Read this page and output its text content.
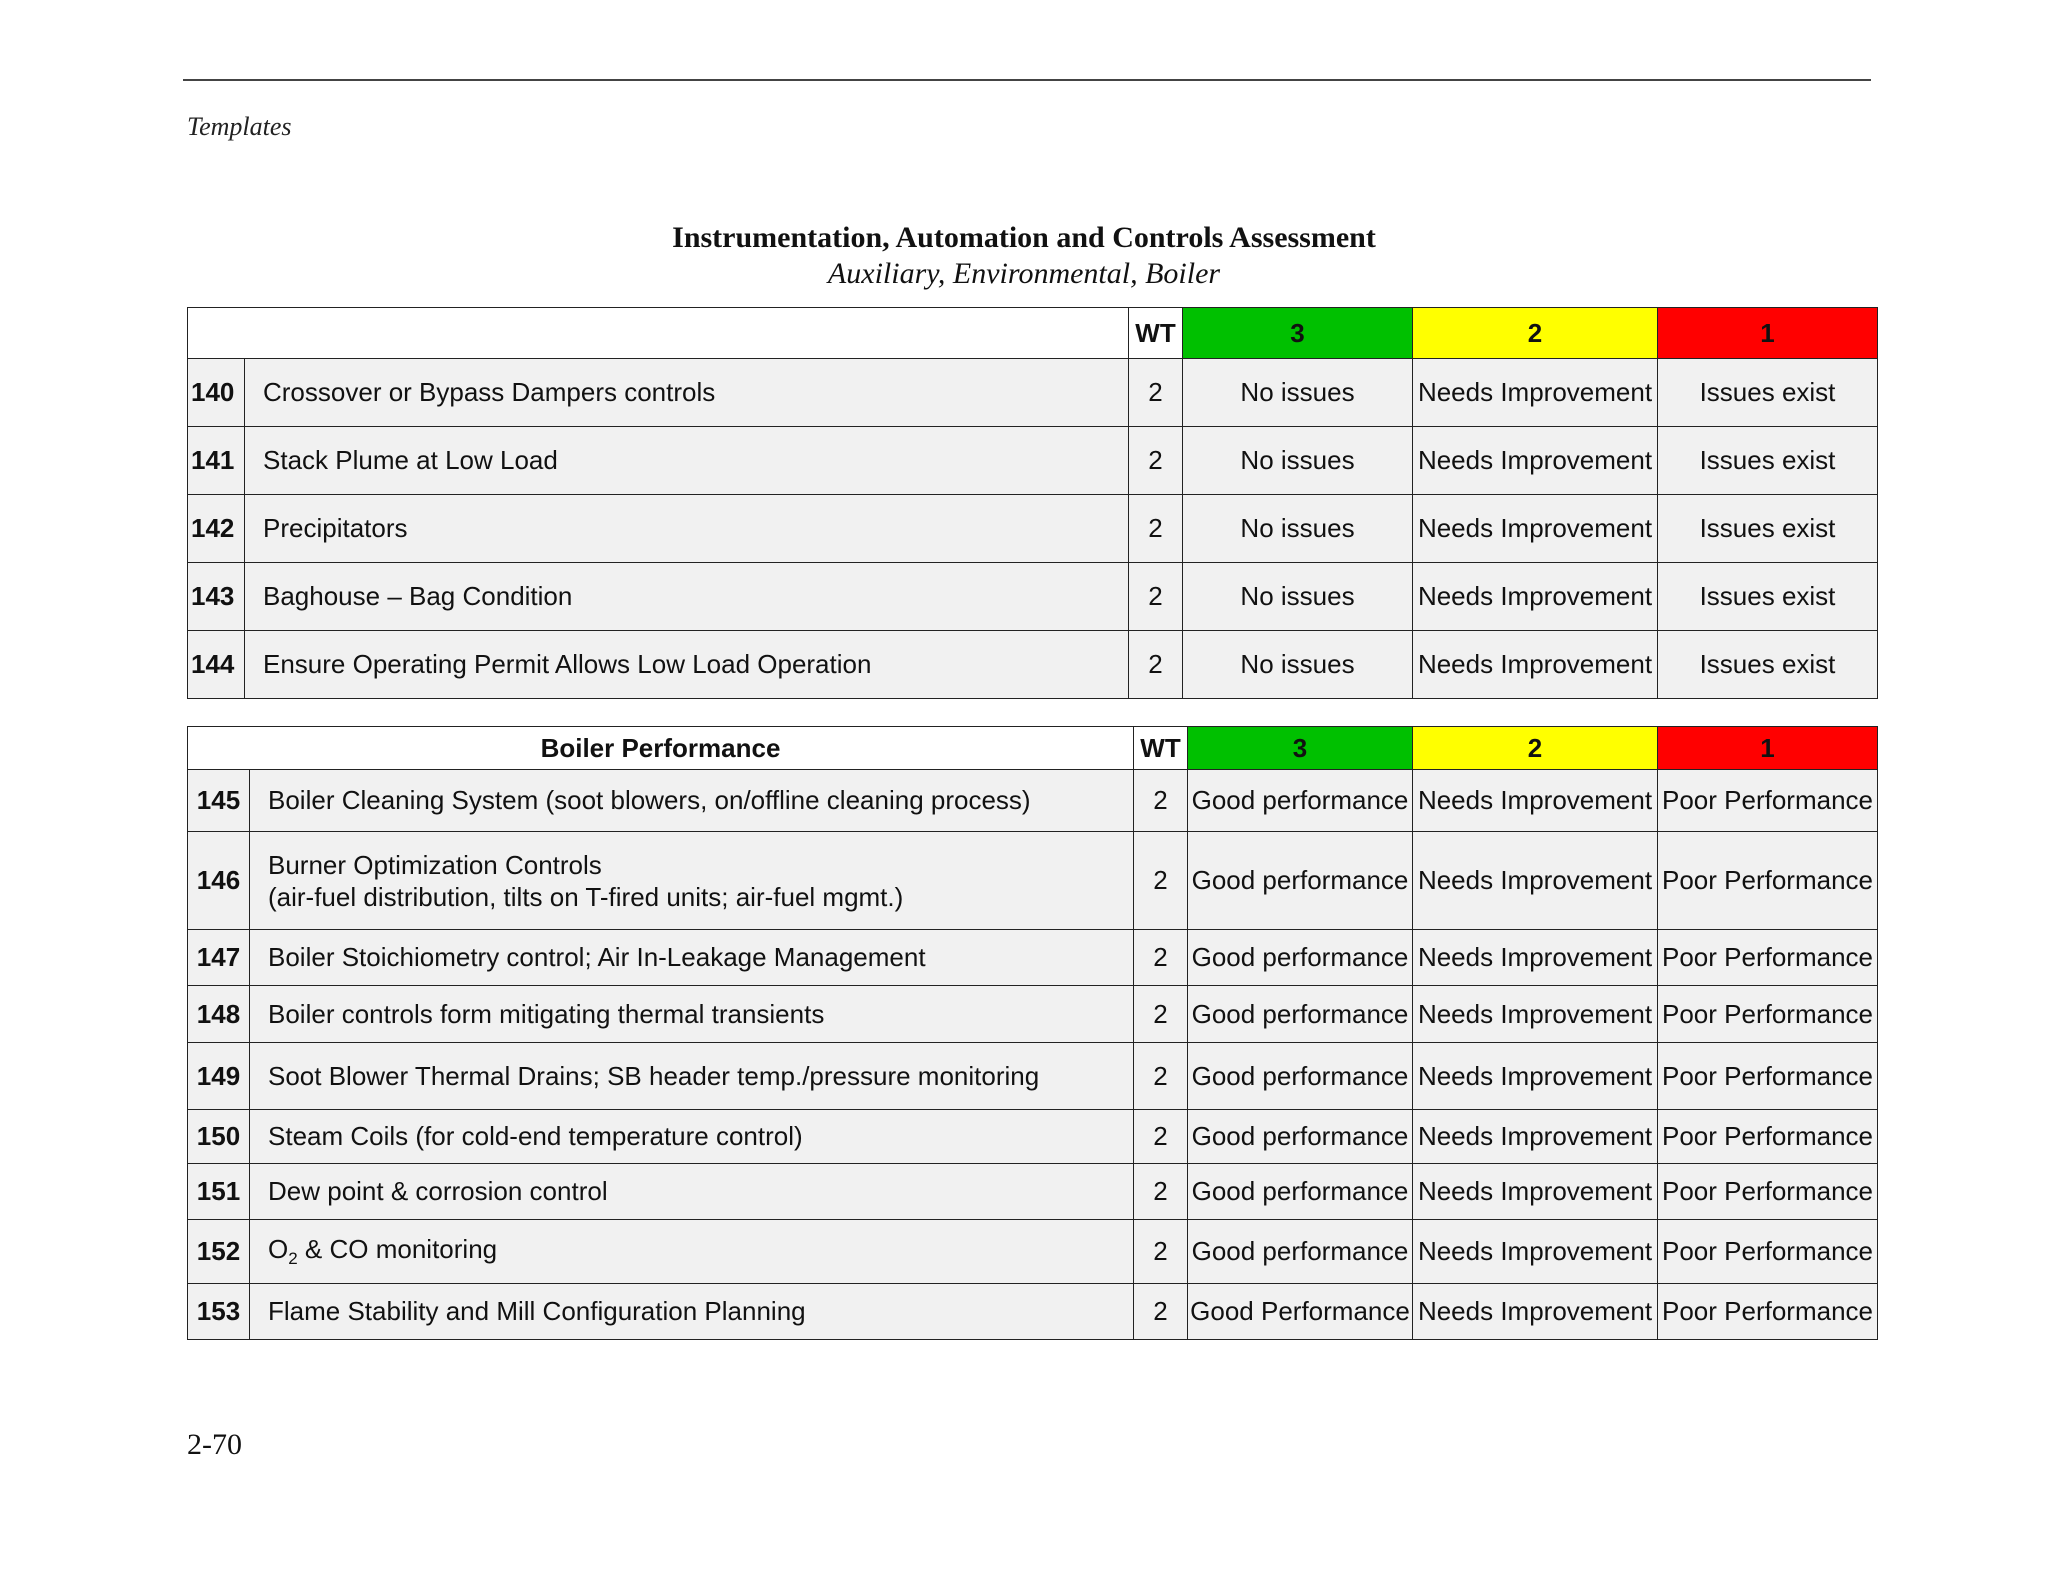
Templates
Instrumentation, Automation and Controls Assessment
Auxiliary, Environmental, Boiler
		WT	3	2	1
140	Crossover or Bypass Dampers controls	2	No issues	Needs Improvement	Issues exist
141	Stack Plume at Low Load	2	No issues	Needs Improvement	Issues exist
142	Precipitators	2	No issues	Needs Improvement	Issues exist
143	Baghouse – Bag Condition	2	No issues	Needs Improvement	Issues exist
144	Ensure Operating Permit Allows Low Load Operation	2	No issues	Needs Improvement	Issues exist
Boiler Performance		WT	3	2	1
145	Boiler Cleaning System (soot blowers, on/offline cleaning process)	2	Good performance	Needs Improvement	Poor Performance
146	Burner Optimization Controls
(air-fuel distribution, tilts on T-fired units; air-fuel mgmt.)	2	Good performance	Needs Improvement	Poor Performance
147	Boiler Stoichiometry control; Air In-Leakage Management	2	Good performance	Needs Improvement	Poor Performance
148	Boiler controls form mitigating thermal transients	2	Good performance	Needs Improvement	Poor Performance
149	Soot Blower Thermal Drains; SB header temp./pressure monitoring	2	Good performance	Needs Improvement	Poor Performance
150	Steam Coils (for cold-end temperature control)	2	Good performance	Needs Improvement	Poor Performance
151	Dew point & corrosion control	2	Good performance	Needs Improvement	Poor Performance
152	$O_2$ & CO monitoring	2	Good performance	Needs Improvement	Poor Performance
153	Flame Stability and Mill Configuration Planning	2	Good Performance	Needs Improvement	Poor Performance
2-70
